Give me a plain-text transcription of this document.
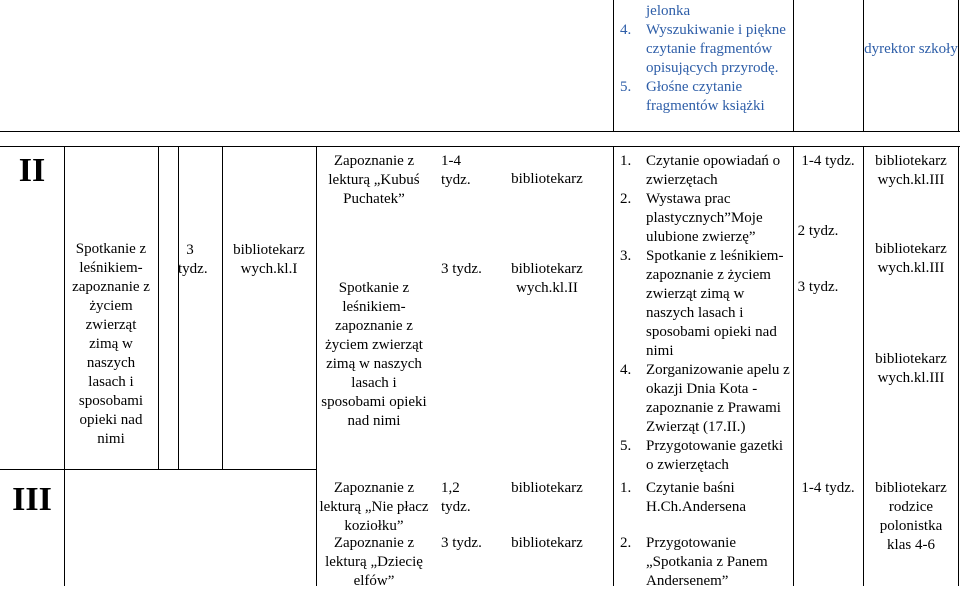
jelonka
4. Wyszukiwanie i piękne czytanie fragmentów opisujących przyrodę.
5. Głośne czytanie fragmentów książki
dyrektor szkoły
II
Spotkanie z leśnikiem-zapoznanie z życiem zwierząt zimą w naszych lasach i sposobami opieki nad nimi
3 tydz.
bibliotekarz wych.kl.I
Zapoznanie z lekturą „Kubuś Puchatek”
Spotkanie z leśnikiem-zapoznanie z życiem zwierząt zimą w naszych lasach i sposobami opieki nad nimi
1-4 tydz.
3 tydz.
bibliotekarz
bibliotekarz wych.kl.II
1. Czytanie opowiadań o zwierzętach
2. Wystawa prac plastycznych”Moje ulubione zwierzę”
3. Spotkanie z leśnikiem-zapoznanie z życiem zwierząt zimą w naszych lasach i sposobami opieki nad nimi
4. Zorganizowanie apelu z okazji Dnia Kota - zapoznanie z Prawami Zwierząt (17.II.)
5. Przygotowanie gazetki o zwierzętach
1-4 tydz.
2 tydz.
3 tydz.
bibliotekarz wych.kl.III
bibliotekarz wych.kl.III
bibliotekarz wych.kl.III
III	Zapoznanie z lekturą „Nie płacz koziołku”
Zapoznanie z lekturą „Dziecię elfów”
1,2 tydz.
3 tydz.
bibliotekarz
bibliotekarz
1. Czytanie baśni H.Ch.Andersena
2. Przygotowanie „Spotkania z Panem Andersenem”
1-4 tydz.	bibliotekarz rodzice polonistka klas 4-6
